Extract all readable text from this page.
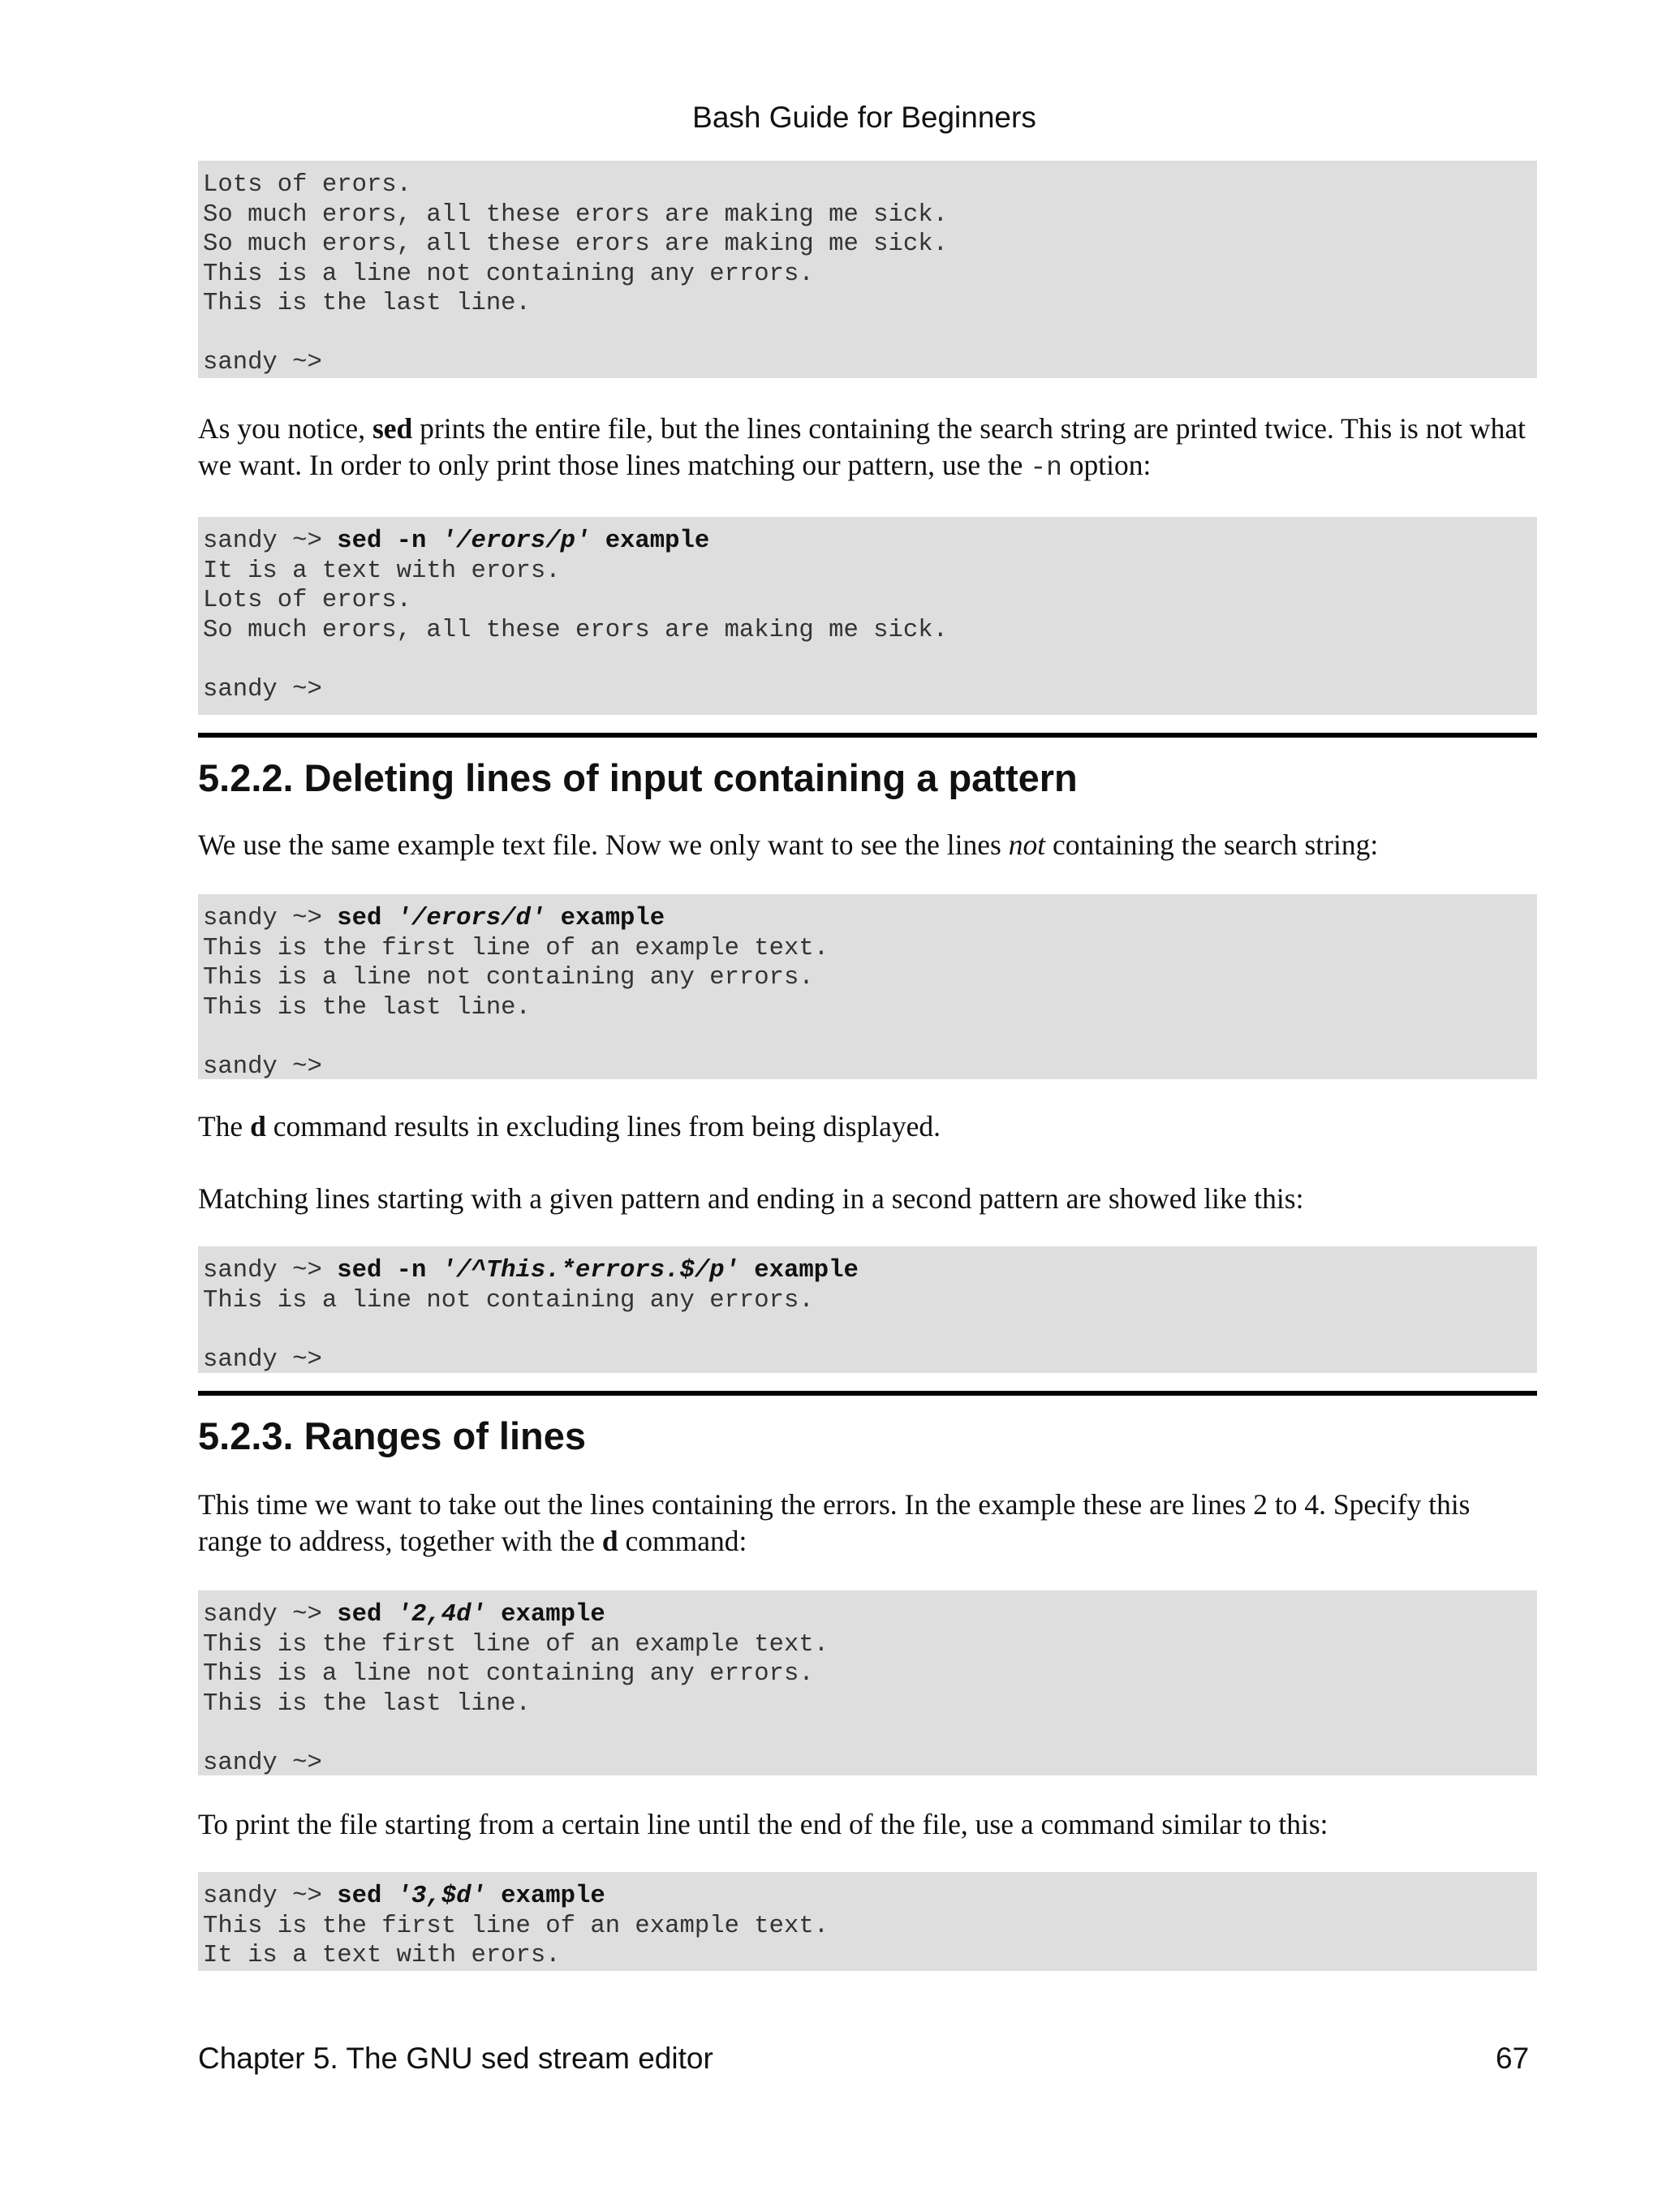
Bash Guide for Beginners
Lots of erors.
So much erors, all these erors are making me sick.
So much erors, all these erors are making me sick.
This is a line not containing any errors.
This is the last line.

sandy ~>

As you notice, sed prints the entire file, but the lines containing the search string are printed twice. This is not what we want. In order to only print those lines matching our pattern, use the -n option:

sandy ~> sed -n '/erors/p' example
It is a text with erors.
Lots of erors.
So much erors, all these erors are making me sick.

sandy ~>
5.2.2. Deleting lines of input containing a pattern

We use the same example text file. Now we only want to see the lines not containing the search string:

sandy ~> sed '/erors/d' example
This is the first line of an example text.
This is a line not containing any errors.
This is the last line.

sandy ~>

The d command results in excluding lines from being displayed.

Matching lines starting with a given pattern and ending in a second pattern are showed like this:

sandy ~> sed -n '/^This.*errors.$/p' example
This is a line not containing any errors.

sandy ~>
5.2.3. Ranges of lines

This time we want to take out the lines containing the errors. In the example these are lines 2 to 4. Specify this range to address, together with the d command:

sandy ~> sed '2,4d' example
This is the first line of an example text.
This is a line not containing any errors.
This is the last line.

sandy ~>

To print the file starting from a certain line until the end of the file, use a command similar to this:

sandy ~> sed '3,$d' example
This is the first line of an example text.
It is a text with erors.
Chapter 5. The GNU sed stream editor	67
